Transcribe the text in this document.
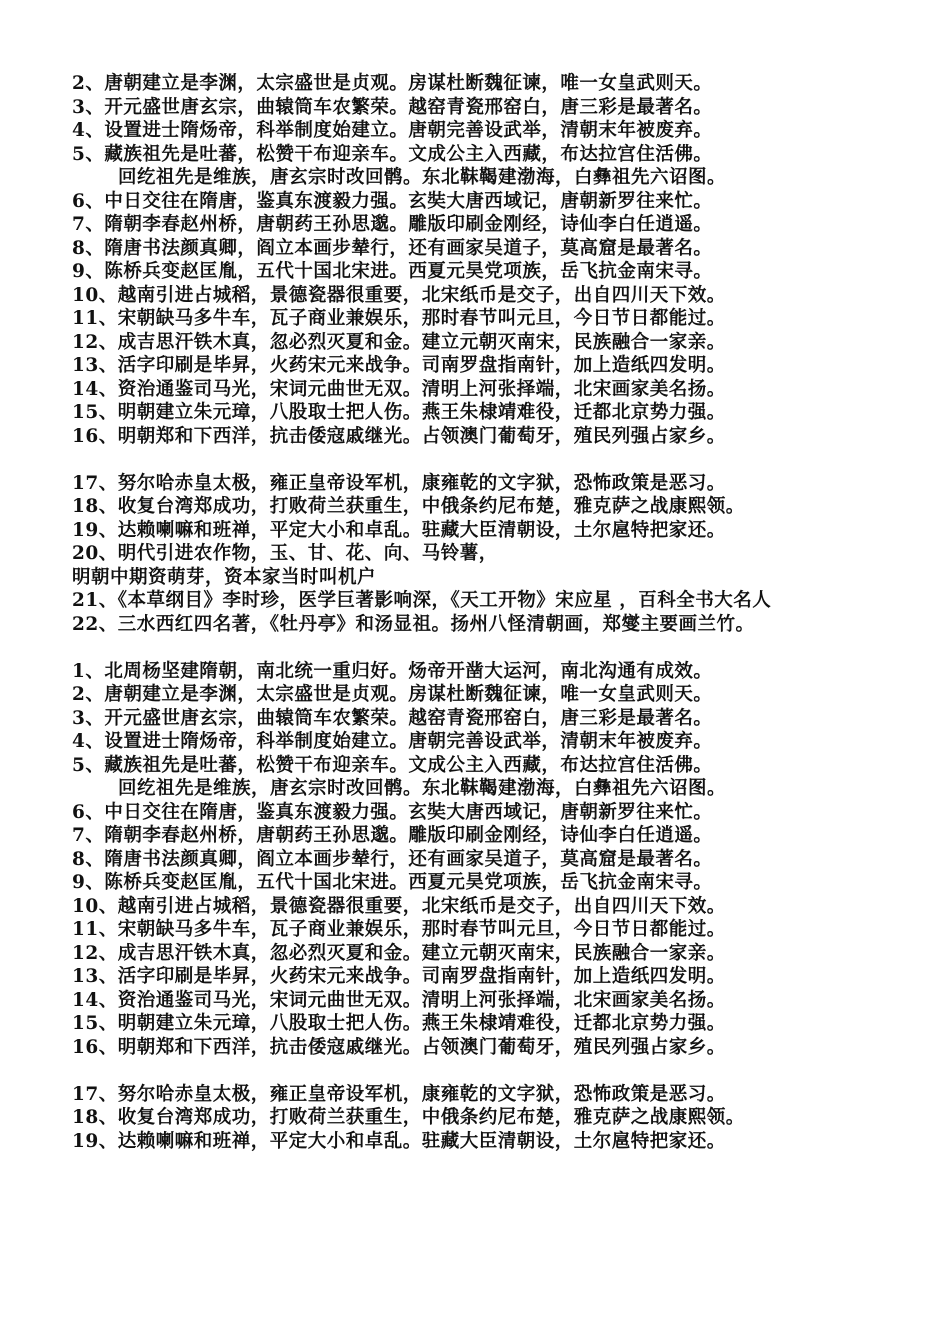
2、唐朝建立是李渊，太宗盛世是贞观。房谋杜断魏征谏，唯一女皇武则天。
3、开元盛世唐玄宗，曲辕筒车农繁荣。越窑青瓷邢窑白，唐三彩是最著名。
4、设置进士隋炀帝，科举制度始建立。唐朝完善设武举，清朝末年被废弃。
5、藏族祖先是吐蕃，松赞干布迎亲车。文成公主入西藏，布达拉宫住活佛。
回纥祖先是维族，唐玄宗时改回鹘。东北靺鞨建渤海，白彝祖先六诏图。
6、中日交往在隋唐，鉴真东渡毅力强。玄奘大唐西域记，唐朝新罗往来忙。
7、隋朝李春赵州桥，唐朝药王孙思邈。雕版印刷金刚经，诗仙李白任逍遥。
8、隋唐书法颜真卿，阎立本画步辇行，还有画家吴道子，莫高窟是最著名。
9、陈桥兵变赵匡胤，五代十国北宋进。西夏元昊党项族，岳飞抗金南宋寻。
10、越南引进占城稻，景德瓷器很重要，北宋纸币是交子，出自四川天下效。
11、宋朝缺马多牛车，瓦子商业兼娱乐，那时春节叫元旦，今日节日都能过。
12、成吉思汗铁木真，忽必烈灭夏和金。建立元朝灭南宋，民族融合一家亲。
13、活字印刷是毕昇，火药宋元来战争。司南罗盘指南针，加上造纸四发明。
14、资治通鉴司马光，宋词元曲世无双。清明上河张择端，北宋画家美名扬。
15、明朝建立朱元璋，八股取士把人伤。燕王朱棣靖难役，迁都北京势力强。
16、明朝郑和下西洋，抗击倭寇戚继光。占领澳门葡萄牙，殖民列强占家乡。
17、努尔哈赤皇太极，雍正皇帝设军机，康雍乾的文字狱，恐怖政策是恶习。
18、收复台湾郑成功，打败荷兰获重生，中俄条约尼布楚，雅克萨之战康熙领。
19、达赖喇嘛和班禅，平定大小和卓乱。驻藏大臣清朝设，土尔扈特把家还。
20、明代引进农作物，玉、甘、花、向、马铃薯，
明朝中期资萌芽，资本家当时叫机户
21、《本草纲目》李时珍，医学巨著影响深，《天工开物》宋应星 ，百科全书大名人
22、三水西红四名著，《牡丹亭》和汤显祖。扬州八怪清朝画，郑燮主要画兰竹。
1、北周杨坚建隋朝，南北统一重归好。炀帝开凿大运河，南北沟通有成效。
2、唐朝建立是李渊，太宗盛世是贞观。房谋杜断魏征谏，唯一女皇武则天。
3、开元盛世唐玄宗，曲辕筒车农繁荣。越窑青瓷邢窑白，唐三彩是最著名。
4、设置进士隋炀帝，科举制度始建立。唐朝完善设武举，清朝末年被废弃。
5、藏族祖先是吐蕃，松赞干布迎亲车。文成公主入西藏，布达拉宫住活佛。
回纥祖先是维族，唐玄宗时改回鹘。东北靺鞨建渤海，白彝祖先六诏图。
6、中日交往在隋唐，鉴真东渡毅力强。玄奘大唐西域记，唐朝新罗往来忙。
7、隋朝李春赵州桥，唐朝药王孙思邈。雕版印刷金刚经，诗仙李白任逍遥。
8、隋唐书法颜真卿，阎立本画步辇行，还有画家吴道子，莫高窟是最著名。
9、陈桥兵变赵匡胤，五代十国北宋进。西夏元昊党项族，岳飞抗金南宋寻。
10、越南引进占城稻，景德瓷器很重要，北宋纸币是交子，出自四川天下效。
11、宋朝缺马多牛车，瓦子商业兼娱乐，那时春节叫元旦，今日节日都能过。
12、成吉思汗铁木真，忽必烈灭夏和金。建立元朝灭南宋，民族融合一家亲。
13、活字印刷是毕昇，火药宋元来战争。司南罗盘指南针，加上造纸四发明。
14、资治通鉴司马光，宋词元曲世无双。清明上河张择端，北宋画家美名扬。
15、明朝建立朱元璋，八股取士把人伤。燕王朱棣靖难役，迁都北京势力强。
16、明朝郑和下西洋，抗击倭寇戚继光。占领澳门葡萄牙，殖民列强占家乡。
17、努尔哈赤皇太极，雍正皇帝设军机，康雍乾的文字狱，恐怖政策是恶习。
18、收复台湾郑成功，打败荷兰获重生，中俄条约尼布楚，雅克萨之战康熙领。
19、达赖喇嘛和班禅，平定大小和卓乱。驻藏大臣清朝设，土尔扈特把家还。
